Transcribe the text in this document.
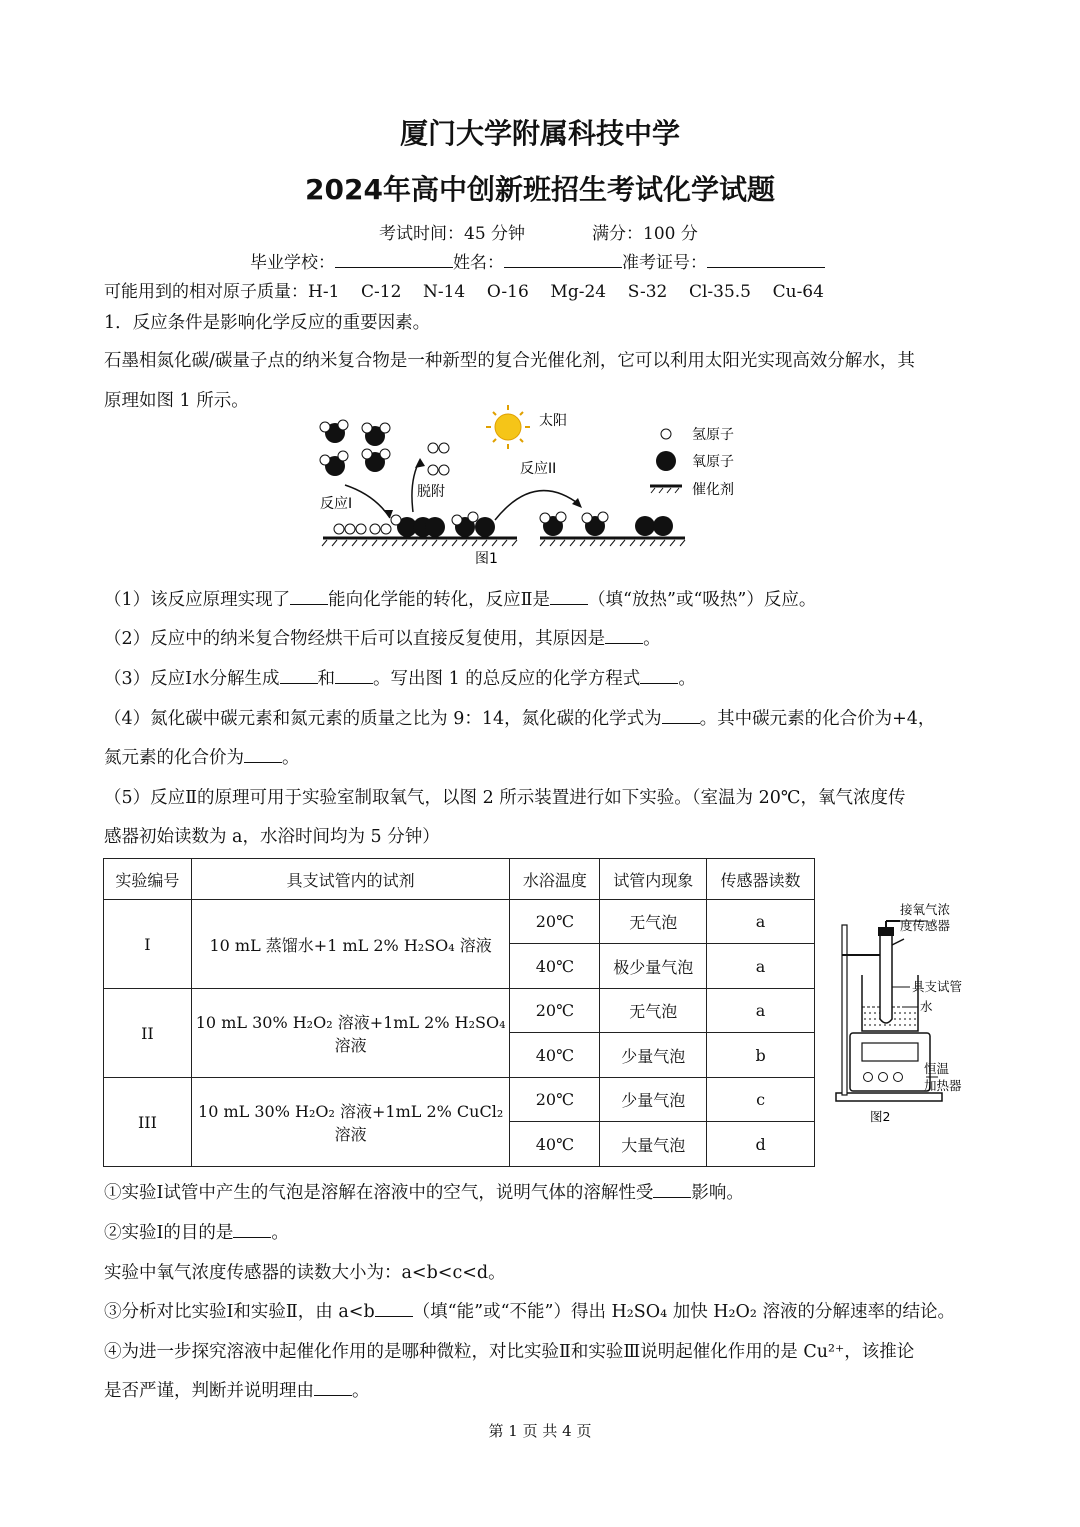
厦门大学附属科技中学
2024年高中创新班招生考试化学试题
考试时间：45 分钟	满分：100 分
毕业学校：	姓名：	准考证号：
可能用到的相对原子质量：H-1    C-12    N-14    O-16    Mg-24    S-32    Cl-35.5    Cu-64
1．反应条件是影响化学反应的重要因素。
石墨相氮化碳/碳量子点的纳米复合物是一种新型的复合光催化剂，它可以利用太阳光实现高效分解水，其
原理如图 1 所示。
反应I
脱附
太阳
反应II
氢原子
氧原子
催化剂
图1
（1）该反应原理实现了 能向化学能的转化，反应Ⅱ是 （填“放热”或“吸热”）反应。
（2）反应中的纳米复合物经烘干后可以直接反复使用，其原因是 。
（3）反应Ⅰ水分解生成 和 。写出图 1 的总反应的化学方程式 。
（4）氮化碳中碳元素和氮元素的质量之比为 9：14，氮化碳的化学式为 。其中碳元素的化合价为+4，
氮元素的化合价为 。
（5）反应Ⅱ的原理可用于实验室制取氧气，以图 2 所示装置进行如下实验。（室温为 20℃，氧气浓度传
感器初始读数为 a，水浴时间均为 5 分钟）
实验编号	具支试管内的试剂	水浴温度	试管内现象	传感器读数
I	10 mL 蒸馏水+1 mL 2% H₂SO₄ 溶液	20℃	无气泡	a
		40℃	极少量气泡	a
II	10 mL 30% H₂O₂ 溶液+1mL 2% H₂SO₄ 溶液	20℃	无气泡	a
		40℃	少量气泡	b
III	10 mL 30% H₂O₂ 溶液+1mL 2% CuCl₂ 溶液	20℃	少量气泡	c
		40℃	大量气泡	d
接氧气浓
度传感器
具支试管
水
恒温
加热器
图2
①实验Ⅰ试管中产生的气泡是溶解在溶液中的空气，说明气体的溶解性受 影响。
②实验Ⅰ的目的是 。
实验中氧气浓度传感器的读数大小为：a<b<c<d。
③分析对比实验Ⅰ和实验Ⅱ，由 a<b （填“能”或“不能”）得出 H₂SO₄ 加快 H₂O₂ 溶液的分解速率的结论。
④为进一步探究溶液中起催化作用的是哪种微粒，对比实验Ⅱ和实验Ⅲ说明起催化作用的是 Cu²⁺，该推论
是否严谨，判断并说明理由 。
第 1 页 共 4 页
